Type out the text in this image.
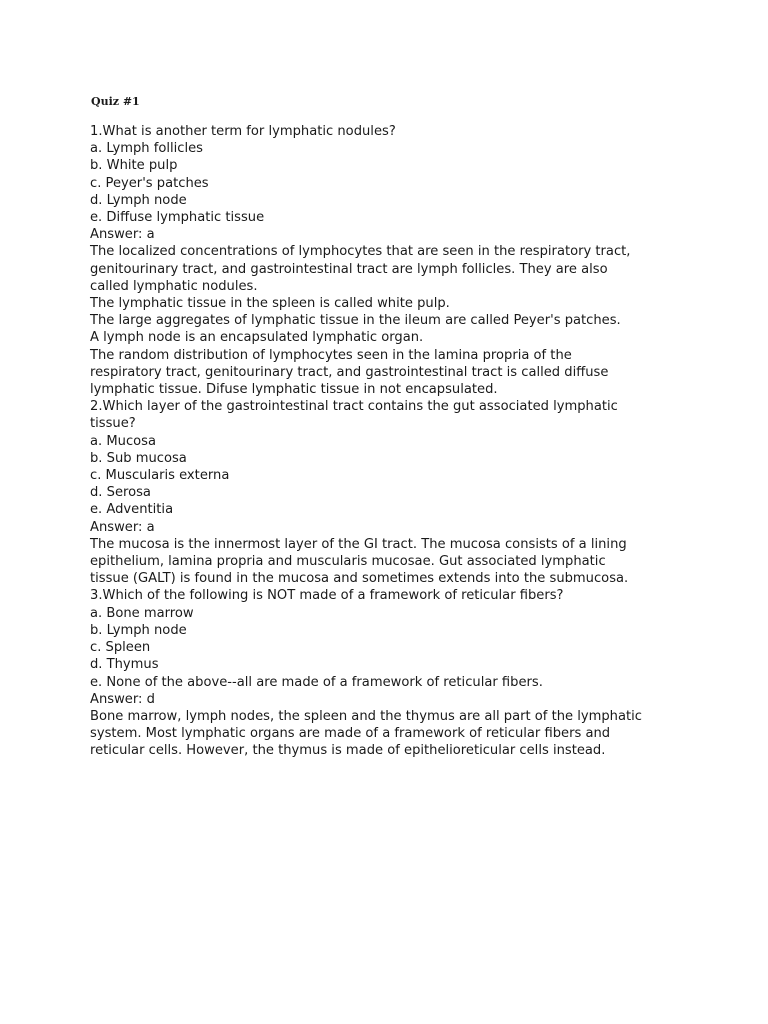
Quiz #1
1.What is another term for lymphatic nodules?
a. Lymph follicles
b. White pulp
c. Peyer's patches
d. Lymph node
e. Diffuse lymphatic tissue
Answer: a
The localized concentrations of lymphocytes that are seen in the respiratory tract,
genitourinary tract, and gastrointestinal tract are lymph follicles. They are also
called lymphatic nodules.
The lymphatic tissue in the spleen is called white pulp.
The large aggregates of lymphatic tissue in the ileum are called Peyer's patches.
A lymph node is an encapsulated lymphatic organ.
The random distribution of lymphocytes seen in the lamina propria of the
respiratory tract, genitourinary tract, and gastrointestinal tract is called diffuse
lymphatic tissue. Difuse lymphatic tissue in not encapsulated.
2.Which layer of the gastrointestinal tract contains the gut associated lymphatic
tissue?
a. Mucosa
b. Sub mucosa
c. Muscularis externa
d. Serosa
e. Adventitia
Answer: a
The mucosa is the innermost layer of the GI tract. The mucosa consists of a lining
epithelium, lamina propria and muscularis mucosae. Gut associated lymphatic
tissue (GALT) is found in the mucosa and sometimes extends into the submucosa.
3.Which of the following is NOT made of a framework of reticular fibers?
a. Bone marrow
b. Lymph node
c. Spleen
d. Thymus
e. None of the above--all are made of a framework of reticular fibers.
Answer: d
Bone marrow, lymph nodes, the spleen and the thymus are all part of the lymphatic
system. Most lymphatic organs are made of a framework of reticular fibers and
reticular cells. However, the thymus is made of epithelioreticular cells instead.
